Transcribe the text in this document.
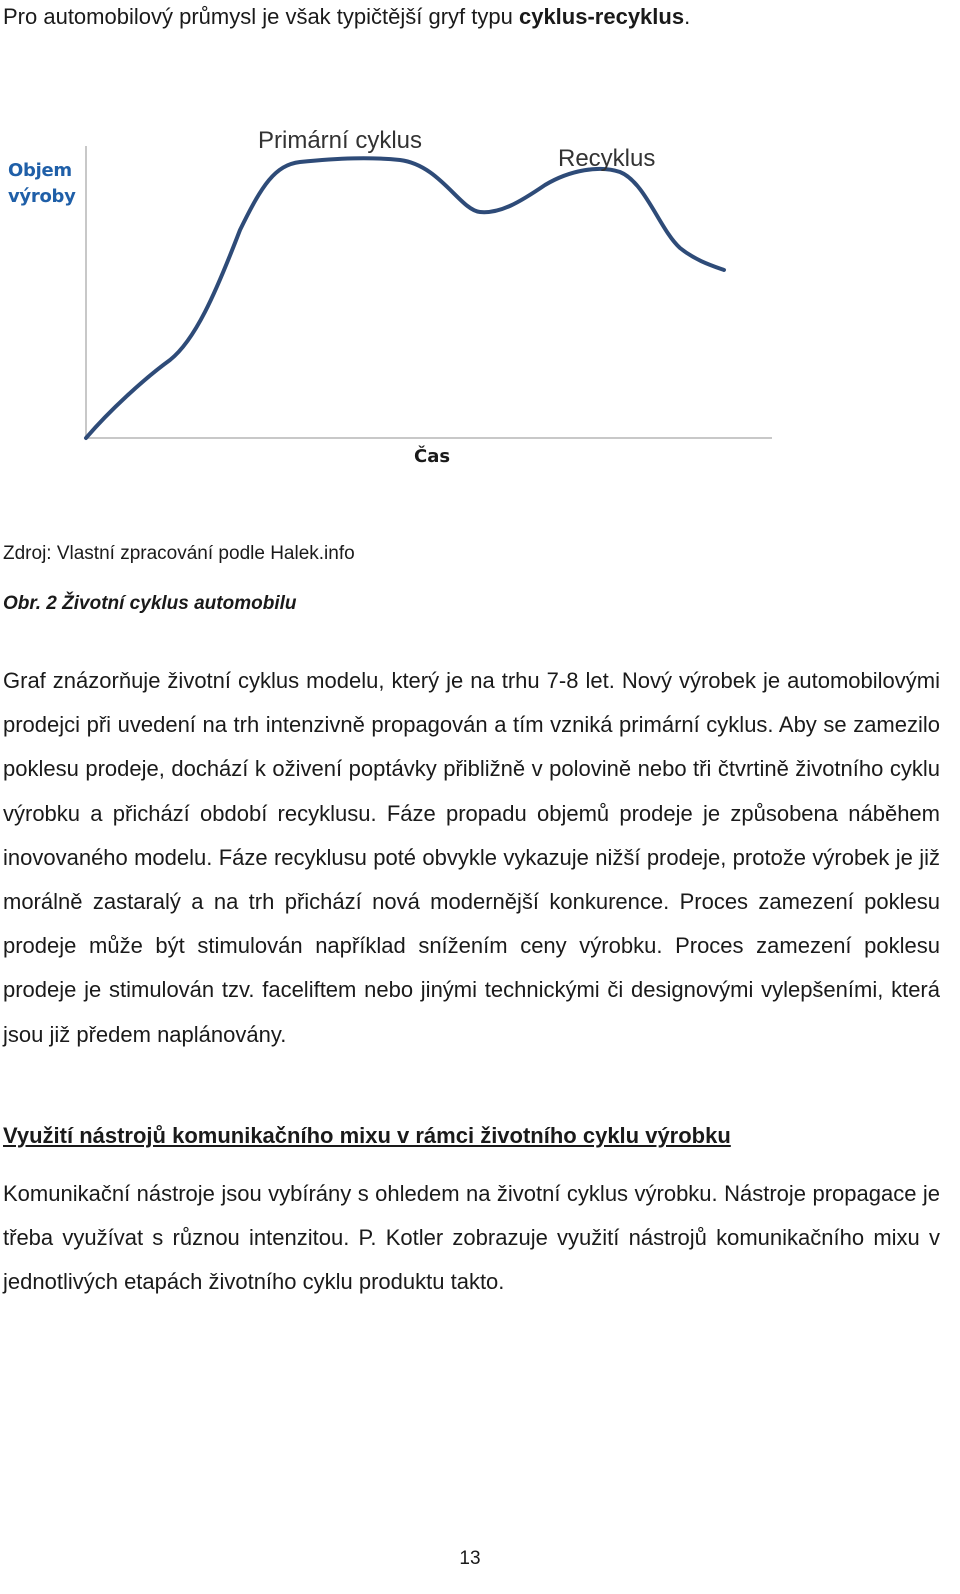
Pro automobilový průmysl je však typičtější gryf typu cyklus-recyklus.

Objem výroby
Čas
Primární cyklus
Recyklus

Zdroj: Vlastní zpracování podle Halek.info

Obr. 2 Životní cyklus automobilu

Graf znázorňuje životní cyklus modelu, který je na trhu 7-8 let. Nový výrobek je automobilovými prodejci při uvedení na trh intenzivně propagován a tím vzniká primární cyklus. Aby se zamezilo poklesu prodeje, dochází k oživení poptávky přibližně v polovině nebo tři čtvrtině životního cyklu výrobku a přichází období recyklusu. Fáze propadu objemů prodeje je způsobena náběhem inovovaného modelu. Fáze recyklusu poté obvykle vykazuje nižší prodeje, protože výrobek je již morálně zastaralý a na trh přichází nová modernější konkurence. Proces zamezení poklesu prodeje může být stimulován například snížením ceny výrobku. Proces zamezení poklesu prodeje je stimulován tzv. faceliftem nebo jinými technickými či designovými vylepšeními, která jsou již předem naplánovány.

Využití nástrojů komunikačního mixu v rámci životního cyklu výrobku

Komunikační nástroje jsou vybírány s ohledem na životní cyklus výrobku. Nástroje propagace je třeba využívat s různou intenzitou. P. Kotler zobrazuje využití nástrojů komunikačního mixu v jednotlivých etapách životního cyklu produktu takto.

13
